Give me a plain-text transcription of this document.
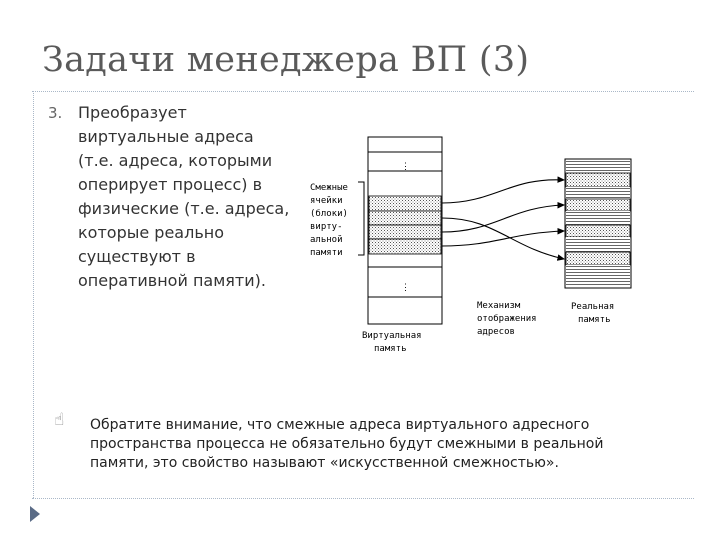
Задачи менеджера ВП (3)
3. Преобразует виртуальные адреса (т.е. адреса, которыми оперирует процесс) в физические (т.е. адреса, которые реально существуют в оперативной памяти).
⋮
⋮
Смежные
ячейки
(блоки)
вирту-
альной
памяти
Виртуальная
память
Механизм
отображения
адресов
Реальная
память
☝ Обратите внимание, что смежные адреса виртуального адресного пространства процесса не обязательно будут смежными в реальной памяти, это свойство называют «искусственной смежностью».
